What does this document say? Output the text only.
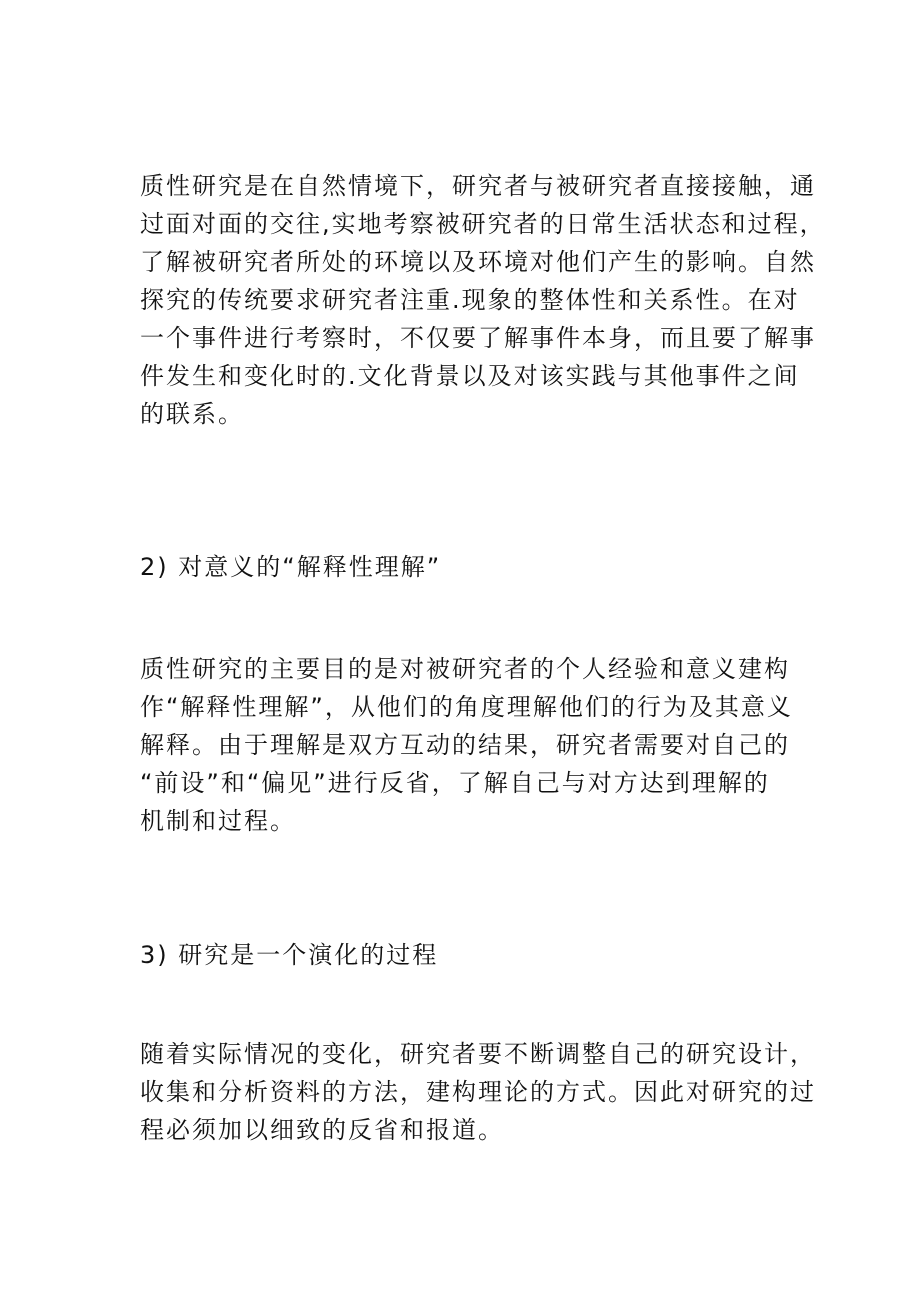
质性研究是在自然情境下，研究者与被研究者直接接触，通
过面对面的交往,实地考察被研究者的日常生活状态和过程，
了解被研究者所处的环境以及环境对他们产生的影响。自然
探究的传统要求研究者注重.现象的整体性和关系性。在对
一个事件进行考察时，不仅要了解事件本身，而且要了解事
件发生和变化时的.文化背景以及对该实践与其他事件之间
的联系。
2) 对意义的“解释性理解”
质性研究的主要目的是对被研究者的个人经验和意义建构
作“解释性理解”，从他们的角度理解他们的行为及其意义
解释。由于理解是双方互动的结果，研究者需要对自己的
“前设”和“偏见”进行反省，了解自己与对方达到理解的
机制和过程。
3) 研究是一个演化的过程
随着实际情况的变化，研究者要不断调整自己的研究设计，
收集和分析资料的方法，建构理论的方式。因此对研究的过
程必须加以细致的反省和报道。
